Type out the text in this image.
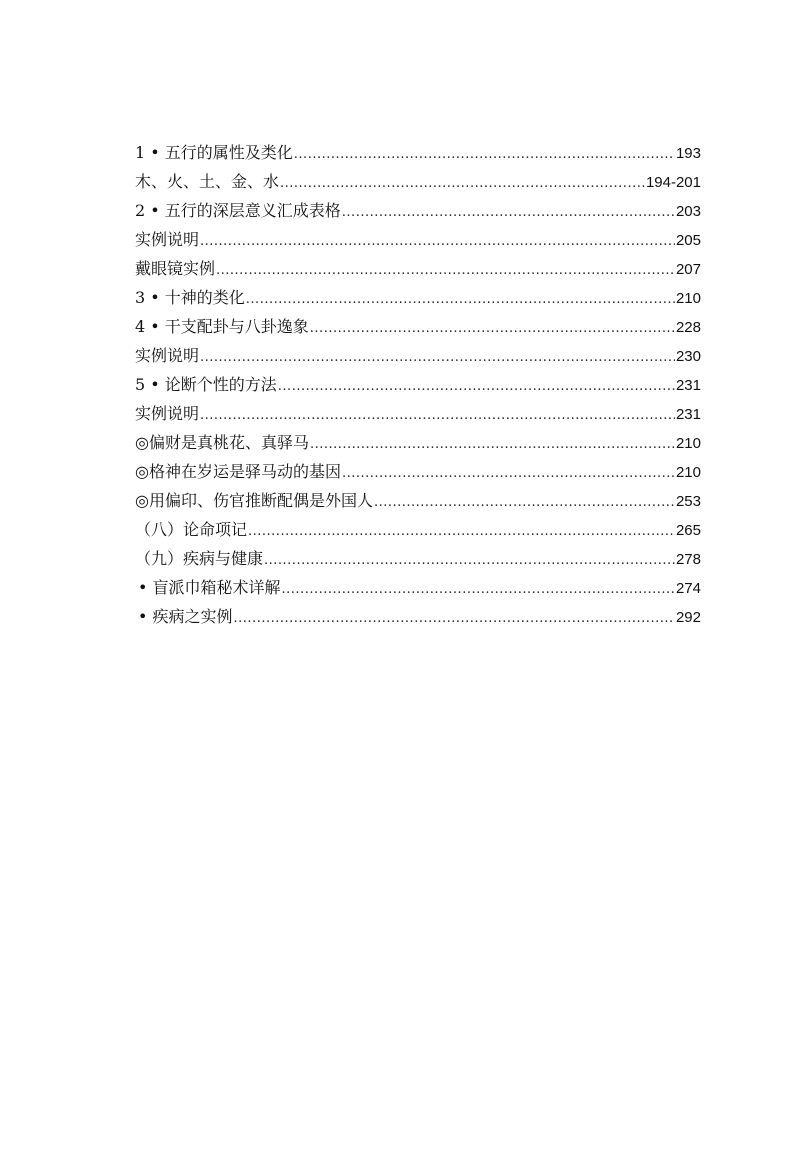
1 • 五行的属性及类化 .....	193
木、火、土、金、水 .....	194-201
2 • 五行的深层意义汇成表格 .....	203
实例说明 .....	205
戴眼镜实例 .....	207
3 • 十神的类化 .....	210
4 • 干支配卦与八卦逸象 .....	228
实例说明 .....	230
5 • 论断个性的方法 .....	231
实例说明 .....	231
◎偏财是真桃花、真驿马 .....	210
◎格神在岁运是驿马动的基因 .....	210
◎用偏印、伤官推断配偶是外国人 .....	253
（八）论命项记 .....	265
（九）疾病与健康 .....	278
• 盲派巾箱秘术详解 .....	274
• 疾病之实例 .....	292
